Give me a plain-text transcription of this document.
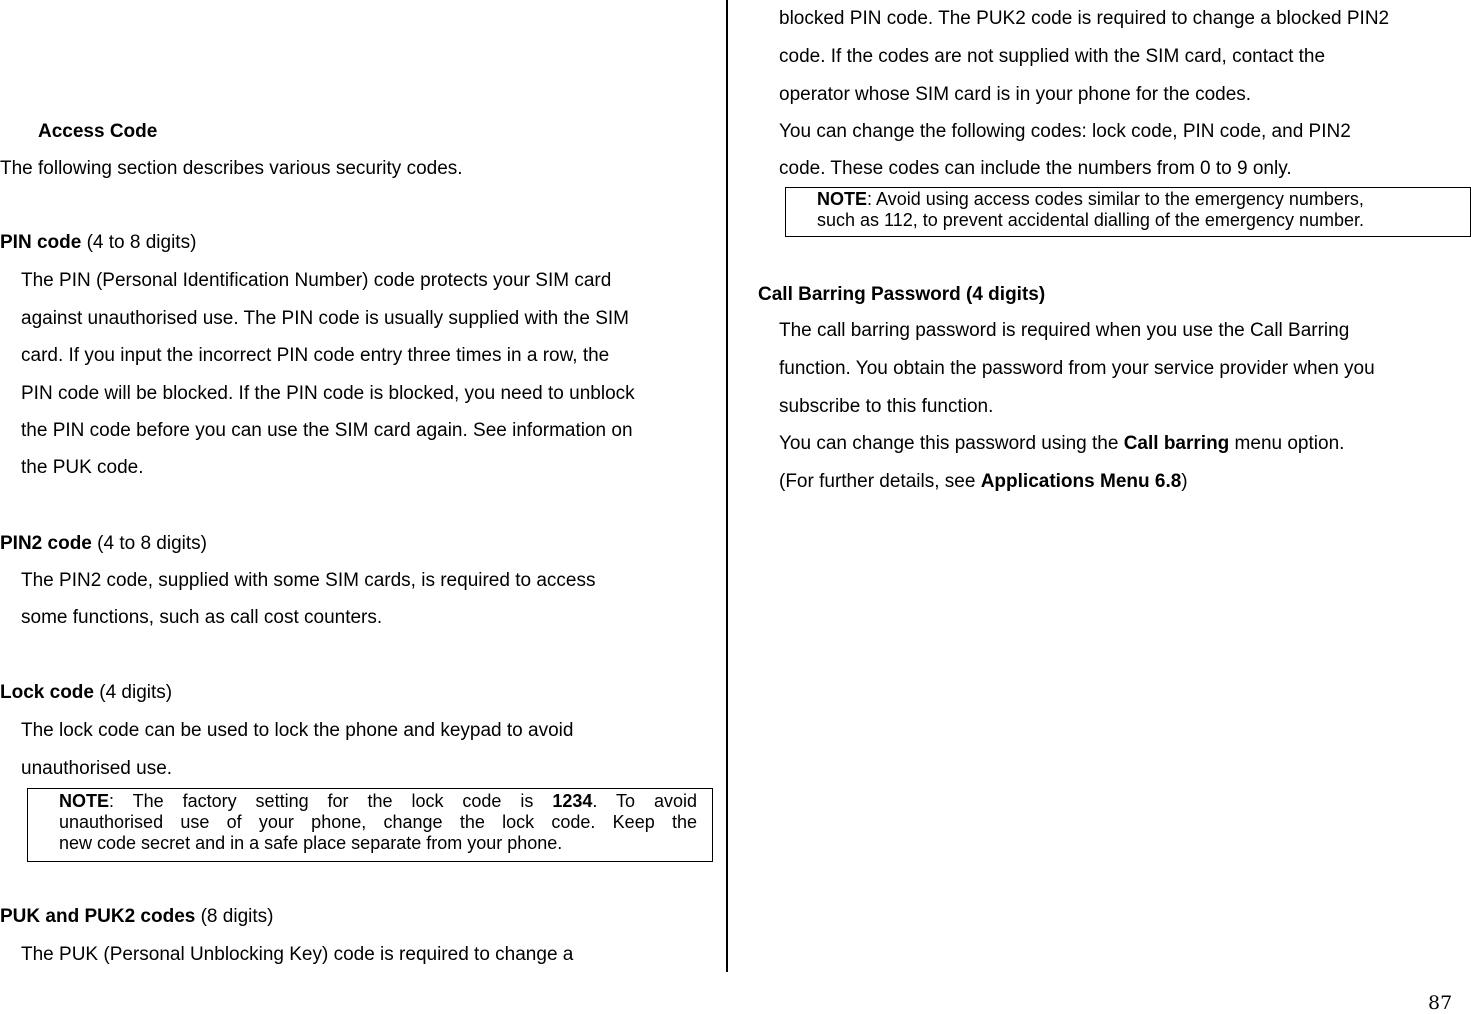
Access Code
The following section describes various security codes.
PIN code (4 to 8 digits)
The PIN (Personal Identification Number) code protects your SIM card
against unauthorised use. The PIN code is usually supplied with the SIM
card. If you input the incorrect PIN code entry three times in a row, the
PIN code will be blocked. If the PIN code is blocked, you need to unblock
the PIN code before you can use the SIM card again. See information on
the PUK code.
PIN2 code (4 to 8 digits)
The PIN2 code, supplied with some SIM cards, is required to access
some functions, such as call cost counters.
Lock code (4 digits)
The lock code can be used to lock the phone and keypad to avoid
unauthorised use.

NOTE: The factory setting for the lock code is 1234. To avoid

unauthorised use of your phone, change the lock code. Keep the

new code secret and in a safe place separate from your phone.

PUK and PUK2 codes (8 digits)
The PUK (Personal Unblocking Key) code is required to change a
blocked PIN code. The PUK2 code is required to change a blocked PIN2
code. If the codes are not supplied with the SIM card, contact the
operator whose SIM card is in your phone for the codes.
You can change the following codes: lock code, PIN code, and PIN2
code. These codes can include the numbers from 0 to 9 only.

NOTE: Avoid using access codes similar to the emergency numbers,

such as 112, to prevent accidental dialling of the emergency number.

Call Barring Password (4 digits)
The call barring password is required when you use the Call Barring
function. You obtain the password from your service provider when you
subscribe to this function.
You can change this password using the Call barring menu option.
(For further details, see Applications Menu 6.8)
87
